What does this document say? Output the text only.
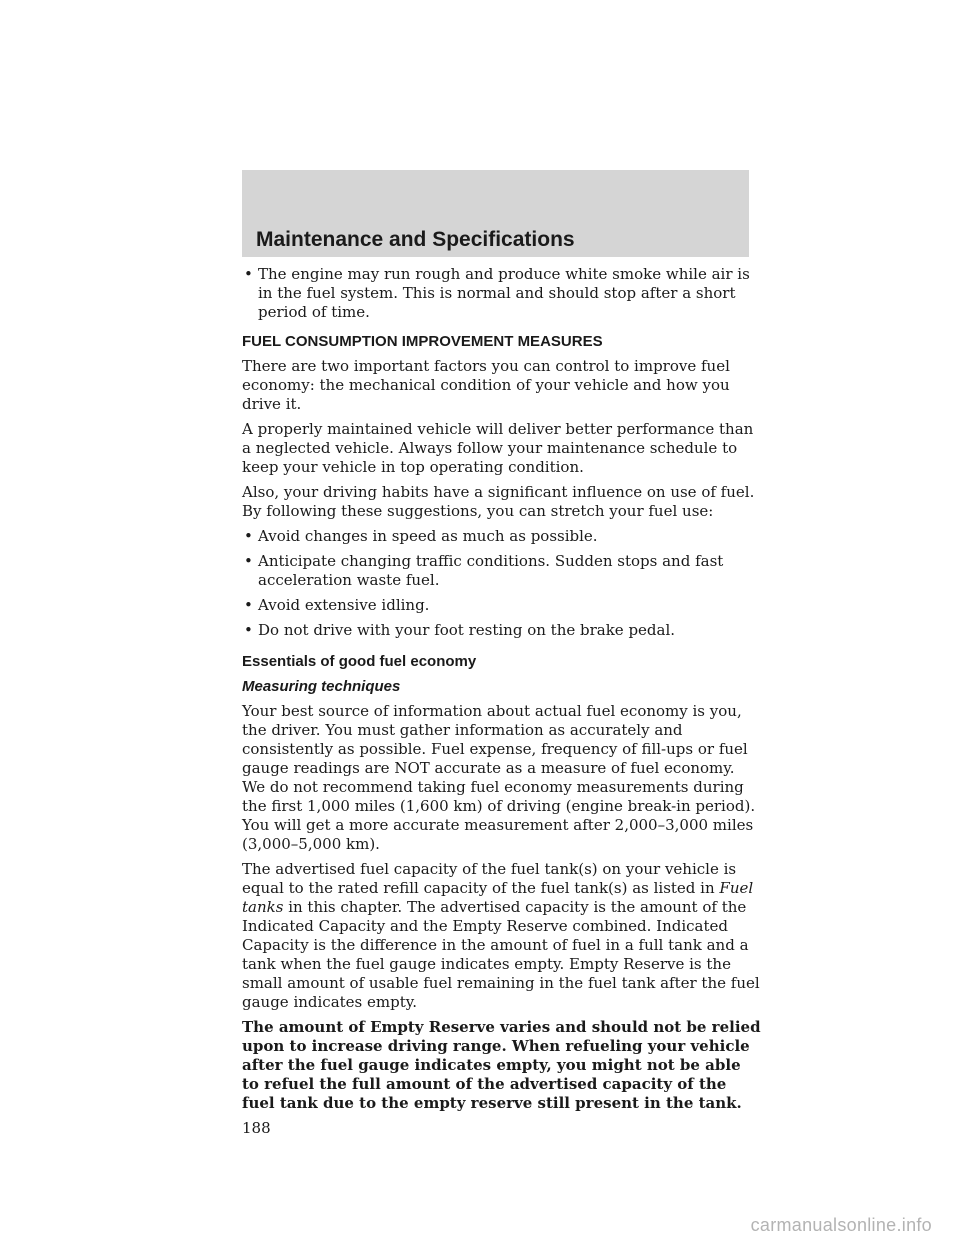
Maintenance and Specifications
• The engine may run rough and produce white smoke while air is in the fuel system. This is normal and should stop after a short period of time.
FUEL CONSUMPTION IMPROVEMENT MEASURES

There are two important factors you can control to improve fuel economy: the mechanical condition of your vehicle and how you drive it.

A properly maintained vehicle will deliver better performance than a neglected vehicle. Always follow your maintenance schedule to keep your vehicle in top operating condition.

Also, your driving habits have a significant influence on use of fuel. By following these suggestions, you can stretch your fuel use:

• Avoid changes in speed as much as possible.
• Anticipate changing traffic conditions. Sudden stops and fast acceleration waste fuel.
• Avoid extensive idling.
• Do not drive with your foot resting on the brake pedal.
Essentials of good fuel economy
Measuring techniques

Your best source of information about actual fuel economy is you, the driver. You must gather information as accurately and consistently as possible. Fuel expense, frequency of fill-ups or fuel gauge readings are NOT accurate as a measure of fuel economy. We do not recommend taking fuel economy measurements during the first 1,000 miles (1,600 km) of driving (engine break-in period). You will get a more accurate measurement after 2,000–3,000 miles (3,000–5,000 km).

The advertised fuel capacity of the fuel tank(s) on your vehicle is equal to the rated refill capacity of the fuel tank(s) as listed in Fuel tanks in this chapter. The advertised capacity is the amount of the Indicated Capacity and the Empty Reserve combined. Indicated Capacity is the difference in the amount of fuel in a full tank and a tank when the fuel gauge indicates empty. Empty Reserve is the small amount of usable fuel remaining in the fuel tank after the fuel gauge indicates empty.

The amount of Empty Reserve varies and should not be relied upon to increase driving range. When refueling your vehicle after the fuel gauge indicates empty, you might not be able to refuel the full amount of the advertised capacity of the fuel tank due to the empty reserve still present in the tank.

188
carmanualsonline.info
